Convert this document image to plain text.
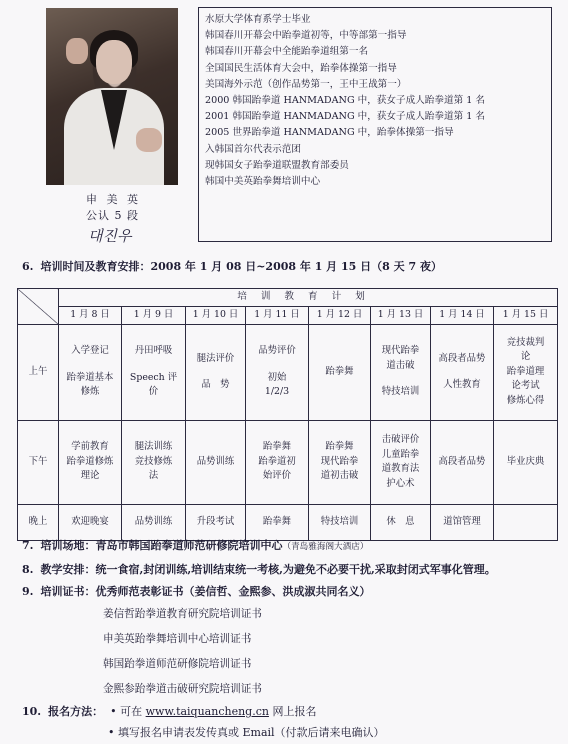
申 美 英
公认 5 段
대진우
水原大学体育系学士毕业
韩国春川开幕会中跆拳道初等，中等部第一指导
韩国春川开幕会中全能跆拳道组第一名
全国国民生活体育大会中，跆拳体操第一指导
美国海外示范（创作品势第一，王中王战第一）
2000 韩国跆拳道 HANMADANG 中，获女子成人跆拳道第 1 名
2001 韩国跆拳道 HANMADANG 中，获女子成人跆拳道第 1 名
2005 世界跆拳道 HANMADANG 中，跆拳体操第一指导
入韩国首尔代表示范团
现韩国女子跆拳道联盟教育部委员
韩国中美英跆拳舞培训中心
6. 培训时间及教育安排：2008 年 1 月 08 日~2008 年 1 月 15 日（8 天 7 夜）
	培训教育计划							
	1 月 8 日	1 月 9 日	1 月 10 日	1 月 11 日	1 月 12 日	1 月 13 日	1 月 14 日	1 月 15 日
上午	入学登记
跆拳道基本
修炼	丹田呼吸
Speech 评
价	腿法评价
品　势	品势评价
初始
1/2/3	跆拳舞	现代跆拳
道击破
特技培训	高段者品势
人性教育	竞技裁判
论
跆拳道理
论考试
修炼心得

下午	学前教育
跆拳道修炼
理论	腿法训练
竞技修炼
法	品势训练	跆拳舞
跆拳道初
始评价	跆拳舞
现代跆拳
道初击破	击破评价
儿童跆拳
道教育法
护心术	高段者品势	毕业庆典

晚上	欢迎晚宴	品势训练	升段考试	跆拳舞	特技培训	休　息	道馆管理	

7. 培训场地：青岛市韩国跆拳道师范研修院培训中心（青岛雅海阁大酒店）
8. 教学安排：统一食宿,封闭训练,培训结束统一考核,为避免不必要干扰,采取封闭式军事化管理。
9. 培训证书：优秀师范表彰证书（姜信哲、金熙参、洪成淑共同名义）
姜信哲跆拳道教育研究院培训证书
申美英跆拳舞培训中心培训证书
韩国跆拳道师范研修院培训证书
金熙参跆拳道击破研究院培训证书
10. 报名方法： • 可在 www.taiquancheng.cn 网上报名
• 填写报名申请表发传真或 Email（付款后请来电确认）
